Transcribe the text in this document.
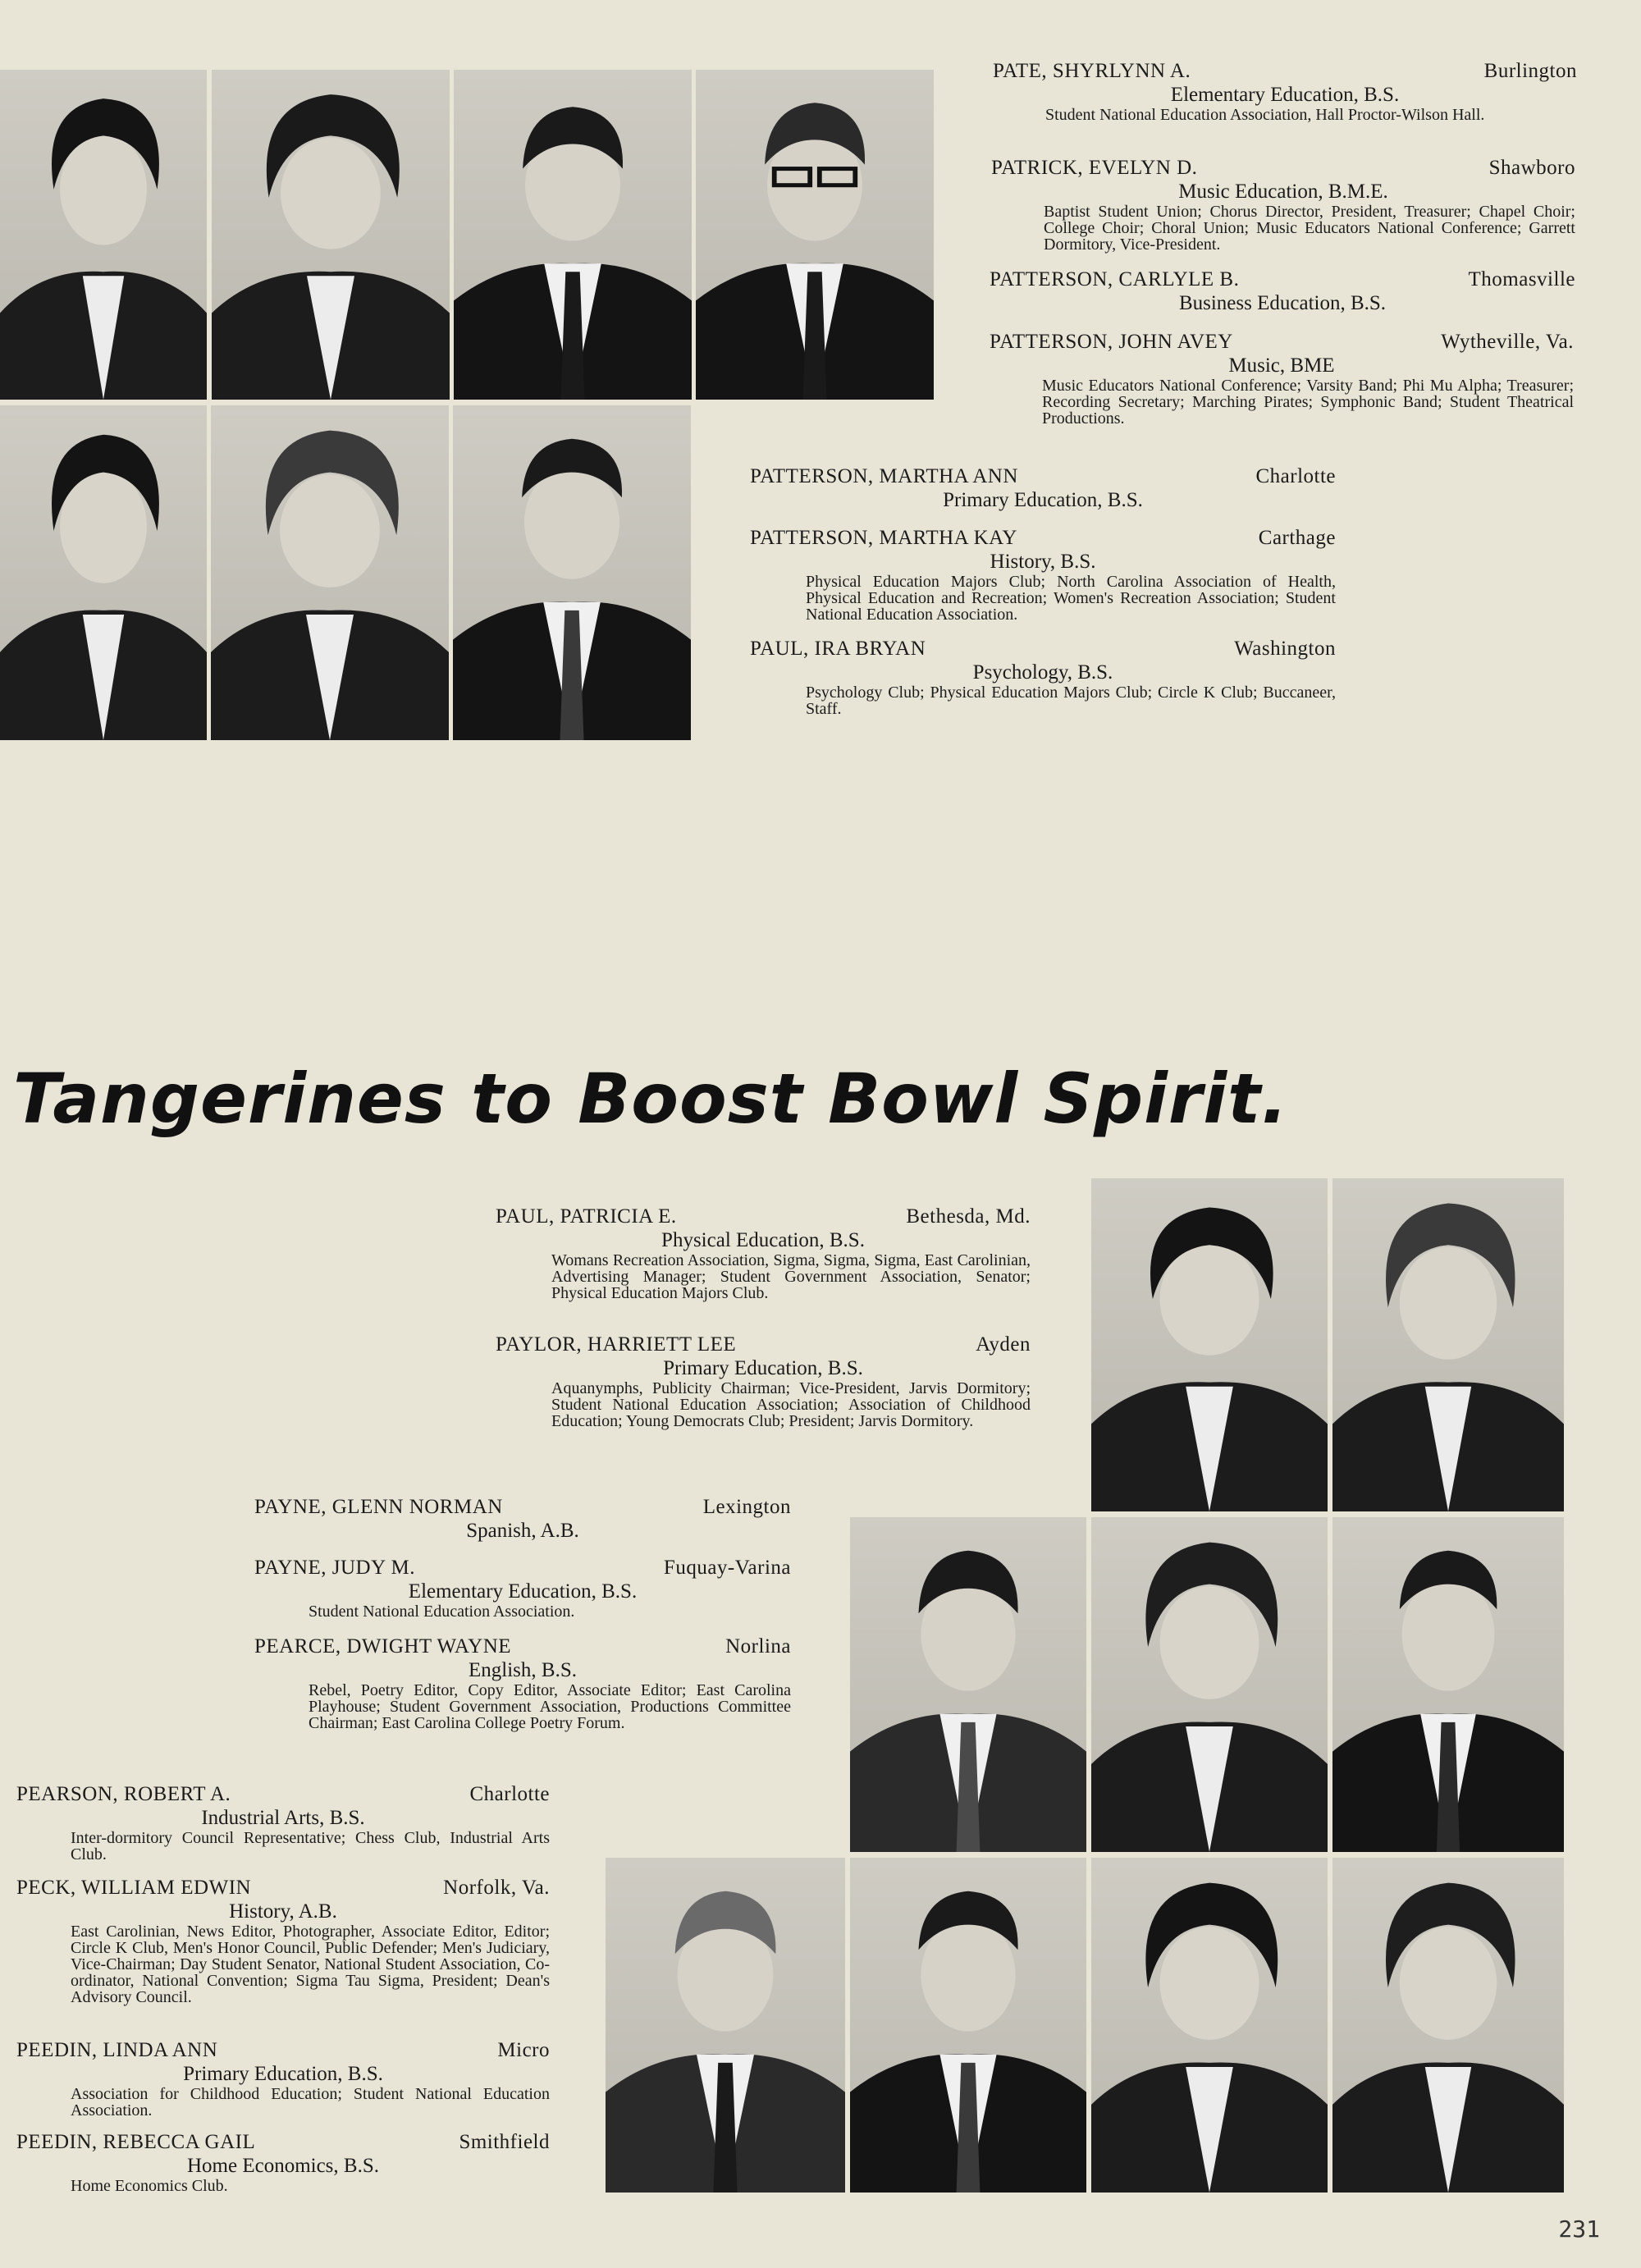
PATE, SHYRLYNN A.	Burlington
Elementary Education, B.S.
Student National Education Association, Hall Proctor-Wilson Hall.
PATRICK, EVELYN D.	Shawboro
Music Education, B.M.E.
Baptist Student Union; Chorus Director, President, Treasurer; Chapel Choir; College Choir; Choral Union; Music Educators National Conference; Garrett Dormitory, Vice-President.
PATTERSON, CARLYLE B.	Thomasville
Business Education, B.S.
PATTERSON, JOHN AVEY	Wytheville, Va.
Music, BME
Music Educators National Conference; Varsity Band; Phi Mu Alpha; Treasurer; Recording Secretary; Marching Pirates; Symphonic Band; Student Theatrical Productions.
PATTERSON, MARTHA ANN	Charlotte
Primary Education, B.S.
PATTERSON, MARTHA KAY	Carthage
History, B.S.
Physical Education Majors Club; North Carolina Association of Health, Physical Education and Recreation; Women's Recreation Association; Student National Education Association.
PAUL, IRA BRYAN	Washington
Psychology, B.S.
Psychology Club; Physical Education Majors Club; Circle K Club; Buccaneer, Staff.
Tangerines to Boost Bowl Spirit.
PAUL, PATRICIA E.	Bethesda, Md.
Physical Education, B.S.
Womans Recreation Association, Sigma, Sigma, Sigma, East Carolinian, Advertising Manager; Student Government Association, Senator; Physical Education Majors Club.
PAYLOR, HARRIETT LEE	Ayden
Primary Education, B.S.
Aquanymphs, Publicity Chairman; Vice-President, Jarvis Dormitory; Student National Education Association; Association of Childhood Education; Young Democrats Club; President; Jarvis Dormitory.
PAYNE, GLENN NORMAN	Lexington
Spanish, A.B.
PAYNE, JUDY M.	Fuquay-Varina
Elementary Education, B.S.
Student National Education Association.
PEARCE, DWIGHT WAYNE	Norlina
English, B.S.
Rebel, Poetry Editor, Copy Editor, Associate Editor; East Carolina Playhouse; Student Government Association, Productions Committee Chairman; East Carolina College Poetry Forum.
PEARSON, ROBERT A.	Charlotte
Industrial Arts, B.S.
Inter-dormitory Council Representative; Chess Club, Industrial Arts Club.
PECK, WILLIAM EDWIN	Norfolk, Va.
History, A.B.
East Carolinian, News Editor, Photographer, Associate Editor, Editor; Circle K Club, Men's Honor Council, Public Defender; Men's Judiciary, Vice-Chairman; Day Student Senator, National Student Association, Co-ordinator, National Convention; Sigma Tau Sigma, President; Dean's Advisory Council.
PEEDIN, LINDA ANN	Micro
Primary Education, B.S.
Association for Childhood Education; Student National Education Association.
PEEDIN, REBECCA GAIL	Smithfield
Home Economics, B.S.
Home Economics Club.
231
